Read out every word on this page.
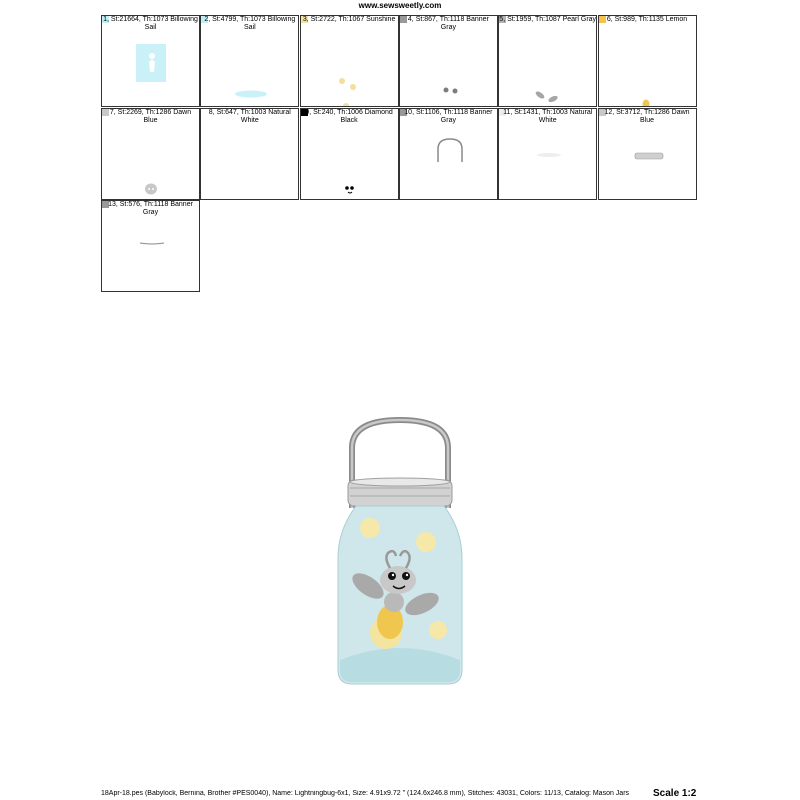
www.sewsweetly.com
1, St:21664, Th:1073 Billowing Sail
2, St:4799, Th:1073 Billowing Sail
3, St:2722, Th:1067 Sunshine	4, St:867, Th:1118 Banner Gray
5, St:1959, Th:1087 Pearl Gray	6, St:989, Th:1135 Lemon
7, St:2269, Th:1286 Dawn Blue
8, St:647, Th:1003 Natural White
9, St:240, Th:1006 Diamond Black
10, St:1106, Th:1118 Banner Gray
11, St:1431, Th:1003 Natural White
12, St:3712, Th:1286 Dawn Blue
13, St:576, Th:1118 Banner Gray
18Apr-18.pes (Babylock, Bernina, Brother #PES0040), Name: Lightningbug-6x1, Size: 4.91x9.72 " (124.6x246.8 mm), Stitches: 43031, Colors: 11/13, Catalog: Mason Jars	Scale 1:2
